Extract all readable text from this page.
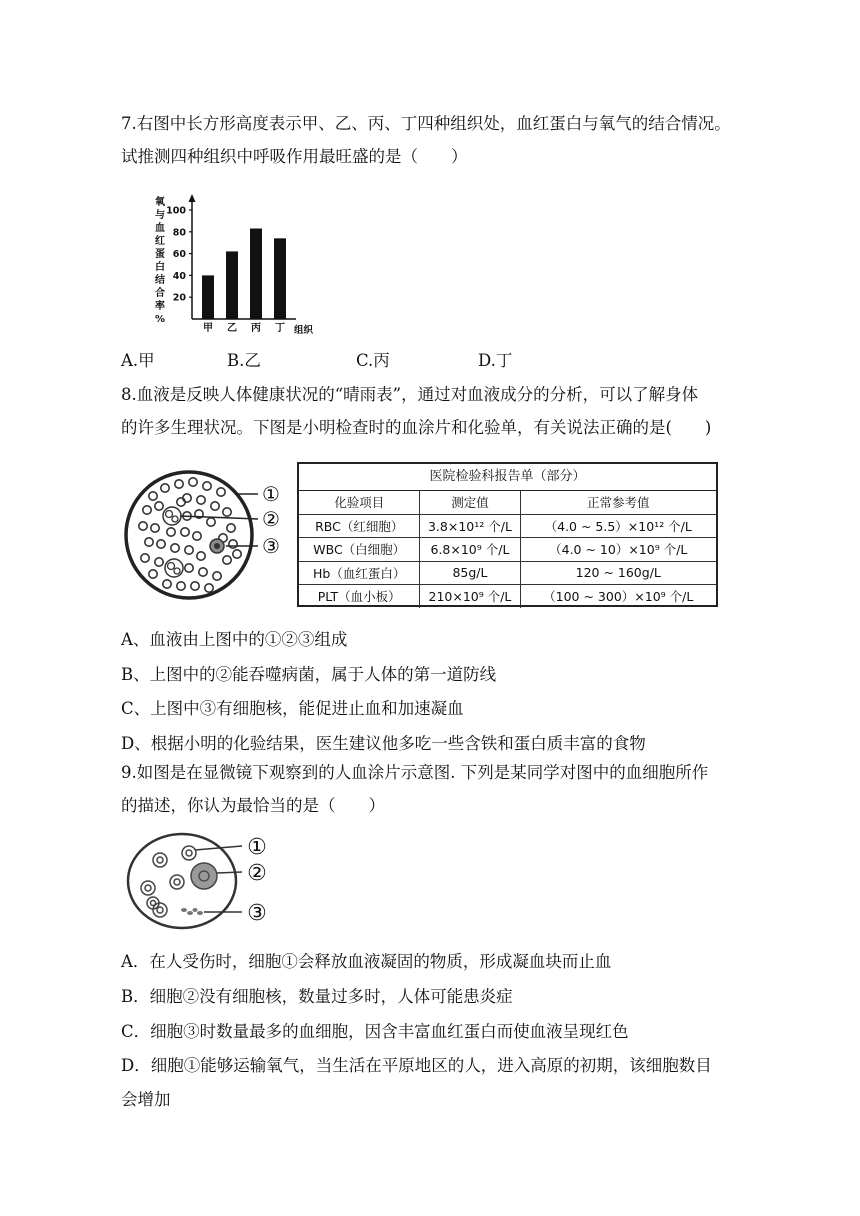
7.右图中长方形高度表示甲、乙、丙、丁四种组织处，血红蛋白与氧气的结合情况。
试推测四种组织中呼吸作用最旺盛的是（　　）
氧
与
血
红
蛋
白
结
合
率
%
20
40
60
80
100
甲 乙 丙 丁 组织
A.甲	B.乙	C.丙	D.丁
8.血液是反映人体健康状况的“晴雨表”，通过对血液成分的分析，可以了解身体
的许多生理状况。下图是小明检查时的血涂片和化验单，有关说法正确的是(　　)
①
②
③
医院检验科报告单（部分）
化验项目	测定值	正常参考值
RBC（红细胞）	3.8×10¹² 个/L	（4.0 ~ 5.5）×10¹² 个/L
WBC（白细胞）	6.8×10⁹ 个/L	（4.0 ~ 10）×10⁹ 个/L
Hb（血红蛋白）	85g/L	120 ~ 160g/L
PLT（血小板）	210×10⁹ 个/L	（100 ~ 300）×10⁹ 个/L
A、血液由上图中的①②③组成
B、上图中的②能吞噬病菌，属于人体的第一道防线
C、上图中③有细胞核，能促进止血和加速凝血
D、根据小明的化验结果，医生建议他多吃一些含铁和蛋白质丰富的食物
9.如图是在显微镜下观察到的人血涂片示意图. 下列是某同学对图中的血细胞所作
的描述，你认为最恰当的是（　　）
①
②
③
A．在人受伤时，细胞①会释放血液凝固的物质，形成凝血块而止血
B．细胞②没有细胞核，数量过多时，人体可能患炎症
C．细胞③时数量最多的血细胞，因含丰富血红蛋白而使血液呈现红色
D．细胞①能够运输氧气，当生活在平原地区的人，进入高原的初期，该细胞数目
会增加
